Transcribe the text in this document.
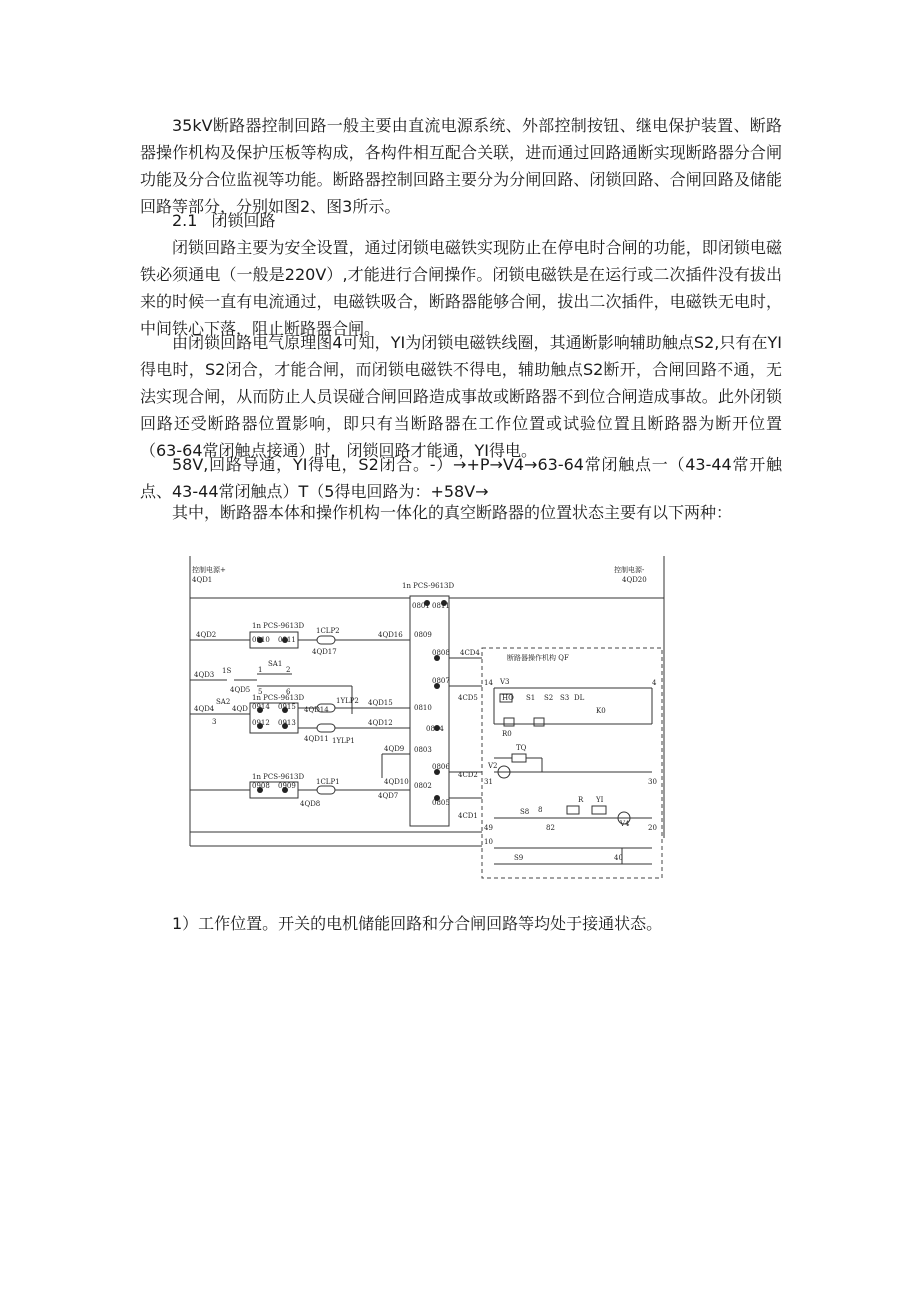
35kV断路器控制回路一般主要由直流电源系统、外部控制按钮、继电保护装置、断路器操作机构及保护压板等构成，各构件相互配合关联，进而通过回路通断实现断路器分合闸功能及分合位监视等功能。断路器控制回路主要分为分闸回路、闭锁回路、合闸回路及储能回路等部分，分别如图2、图3所示。

2.1 闭锁回路

闭锁回路主要为安全设置，通过闭锁电磁铁实现防止在停电时合闸的功能，即闭锁电磁铁必须通电（一般是220V）,才能进行合闸操作。闭锁电磁铁是在运行或二次插件没有拔出来的时候一直有电流通过，电磁铁吸合，断路器能够合闸，拔出二次插件，电磁铁无电时，中间铁心下落，阻止断路器合闸。

由闭锁回路电气原理图4可知，YI为闭锁电磁铁线圈，其通断影响辅助触点S2,只有在YI得电时，S2闭合，才能合闸，而闭锁电磁铁不得电，辅助触点S2断开，合闸回路不通，无法实现合闸，从而防止人员误碰合闸回路造成事故或断路器不到位合闸造成事故。此外闭锁回路还受断路器位置影响，即只有当断路器在工作位置或试验位置且断路器为断开位置（63-64常闭触点接通）时，闭锁回路才能通，YI得电。

58V,回路导通，YI得电，S2闭合。-）→+P→V4→63-64常闭触点一（43-44常开触点、43-44常闭触点）T（5得电回路为：+58V→

其中，断路器本体和操作机构一体化的真空断路器的位置状态主要有以下两种：

控制电源+
4QD1
控制电源-
4QD20
1n PCS-9613D
1n PCS-9613D
1n PCS-9613D
1n PCS-9613D
断路器操作机构 QF
0801 0811
0809
0808
0807
0810
0804
0803
0806
0802
0805
0910 0911
0914 0915
0912 0913
0908 0909
4QD2	1CLP2	4QD16
4QD17
SA1
4QD3 1S
4QD5
SA2
4QD4	4QD
1YLP2
4QD14
4QD15
4QD12
4QD11 1YLP1
4QD9
4QD10
4QD7
4QD8
1CLP1
4CD4
4CD5
4CD2
4CD1
V3
HO S1 S2 S3 DL
K0
R0
TQ
V2
S8
S9
R YI
V4
14	4
31	30
49
8
82
10
20
40
3
1	2
5	6

1）工作位置。开关的电机储能回路和分合闸回路等均处于接通状态。
